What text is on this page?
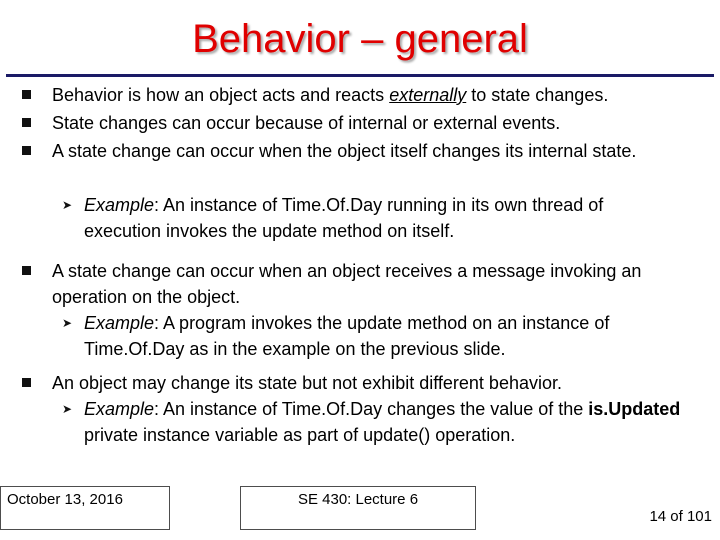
Behavior – general
Behavior is how an object acts and reacts externally to state changes.
State changes can occur because of internal or external events.
A state change can occur when the object itself changes its internal state.
➤ Example: An instance of Time.Of.Day running in its own thread of execution invokes the update method on itself.
A state change can occur when an object receives a message invoking an operation on the object.
➤ Example: A program invokes the update method on an instance of Time.Of.Day as in the example on the previous slide.
An object may change its state but not exhibit different behavior.
➤ Example: An instance of Time.Of.Day changes the value of the is.Updated private instance variable as part of update() operation.
October 13, 2016	SE 430: Lecture 6
14 of 101
